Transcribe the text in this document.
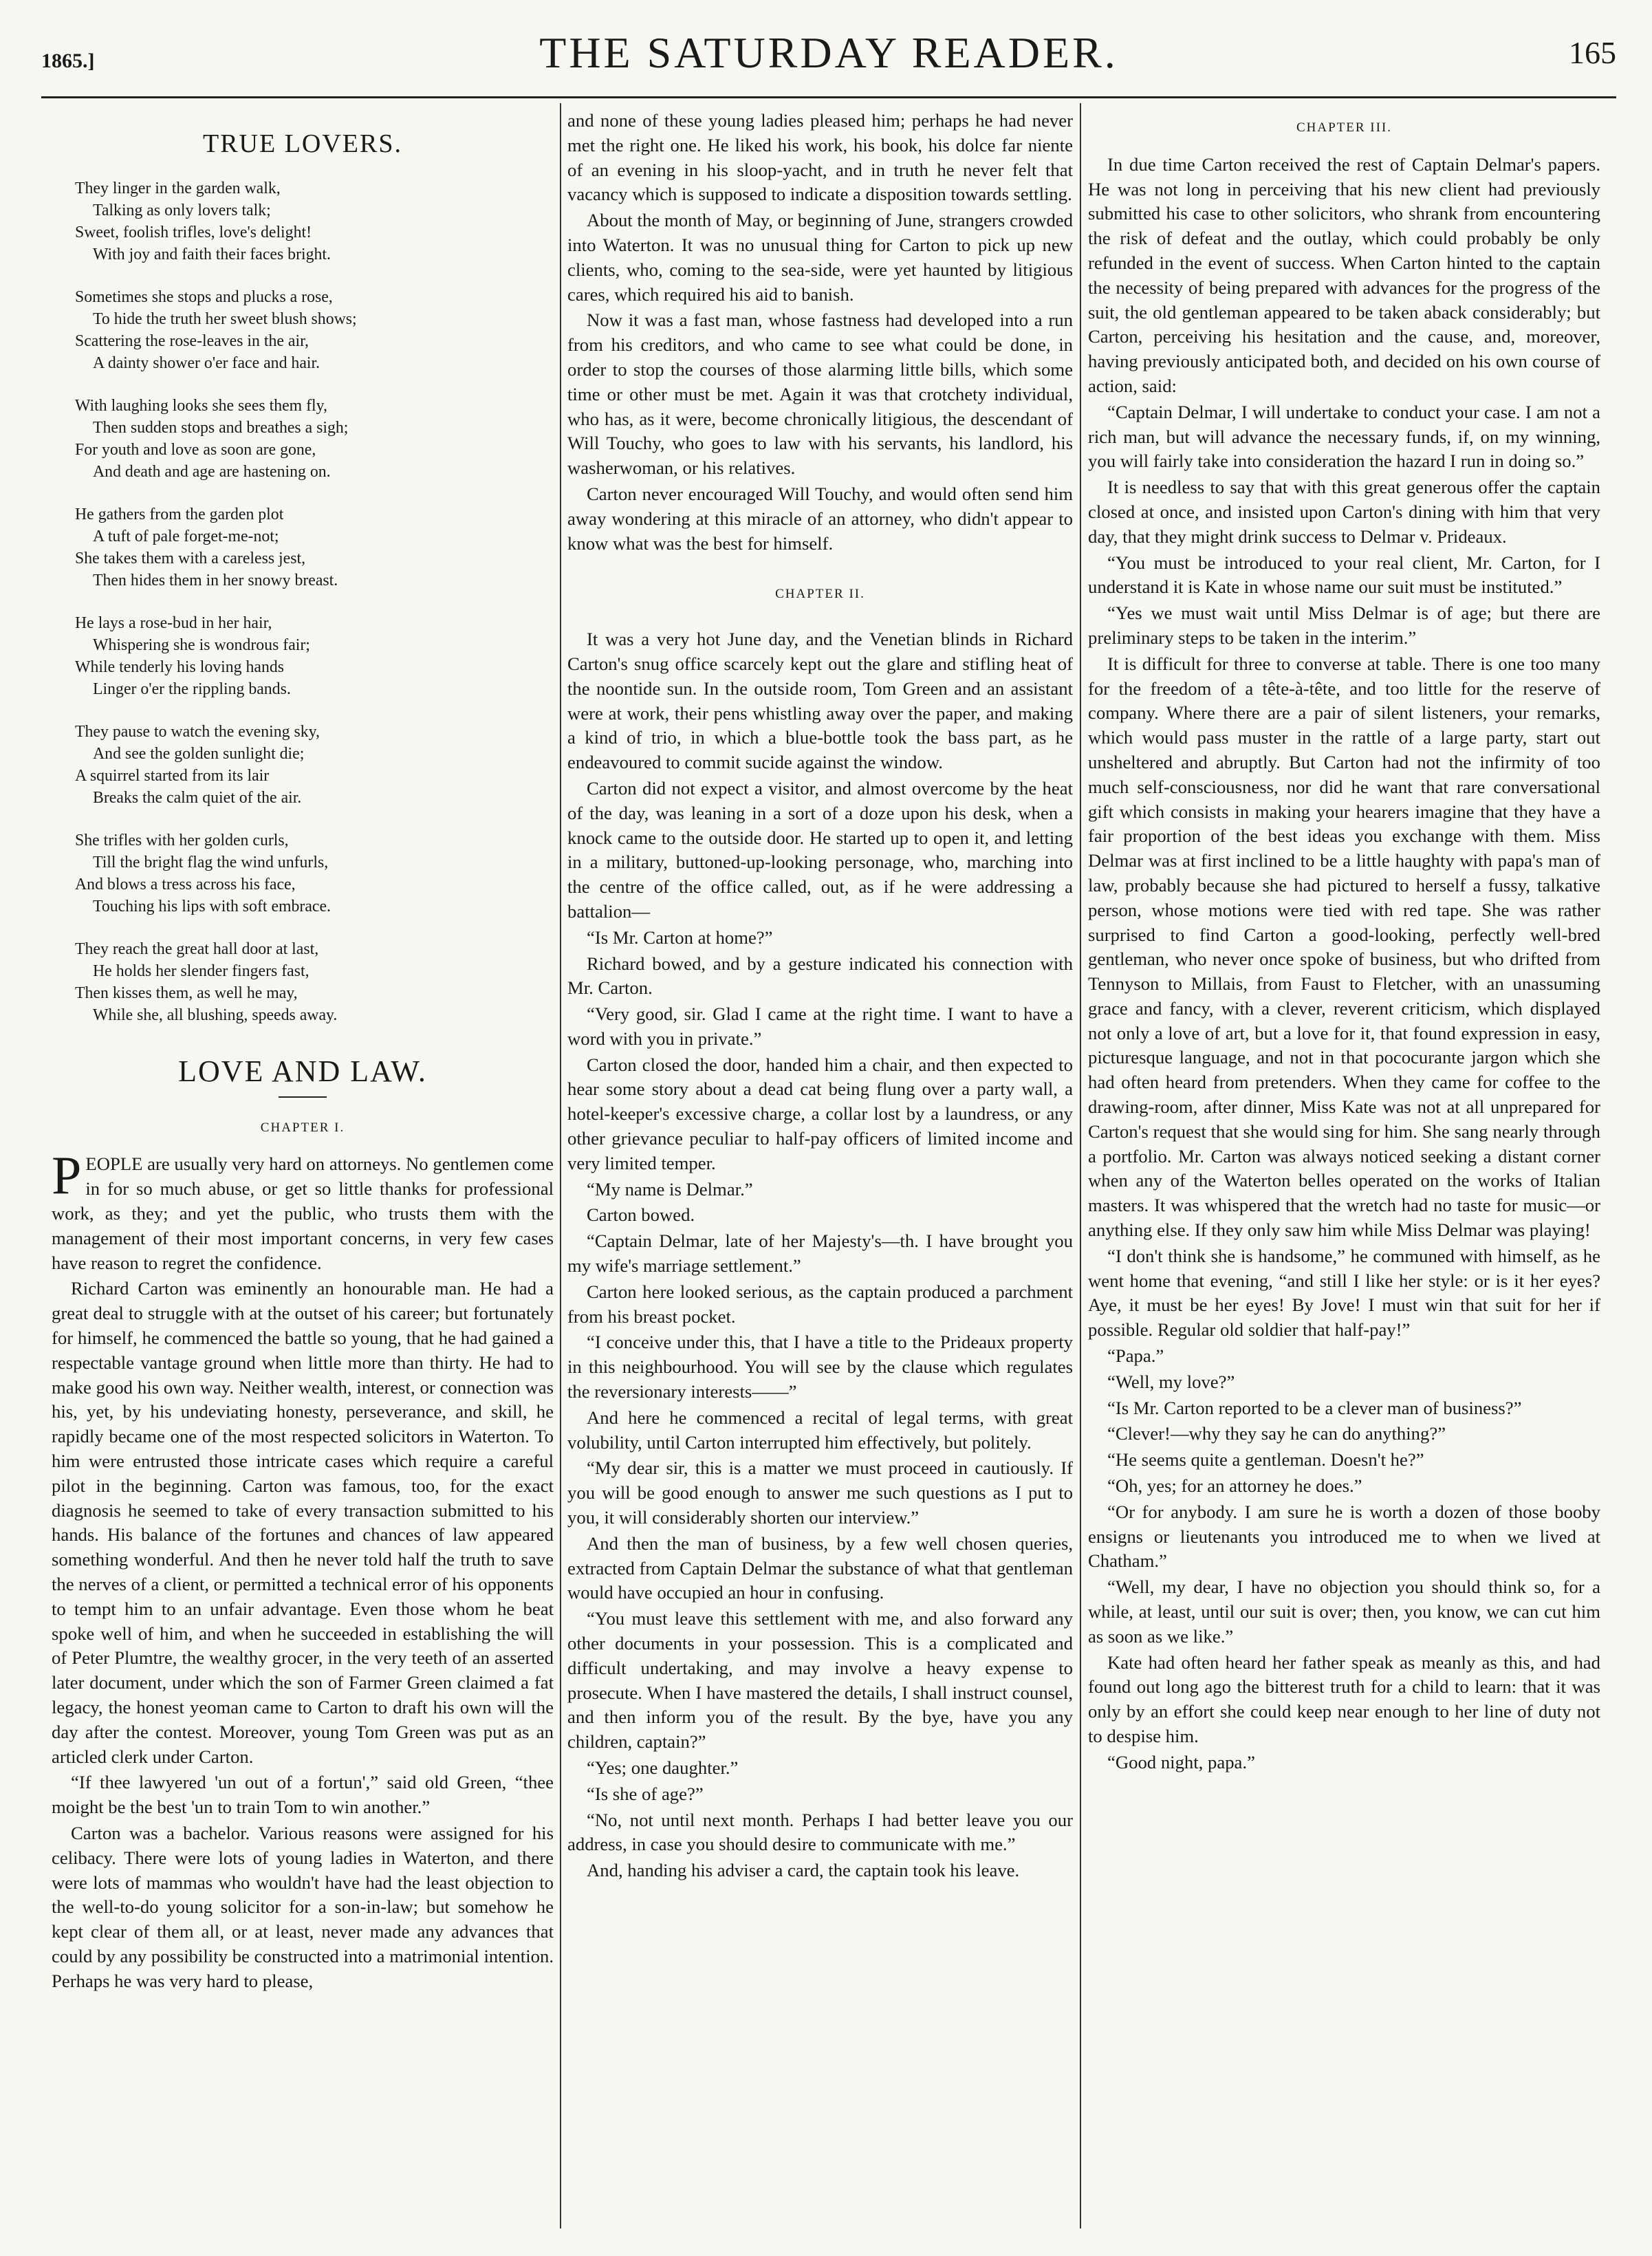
1865.]	THE SATURDAY READER.	165
TRUE LOVERS.
They linger in the garden walk,
Talking as only lovers talk;
Sweet, foolish trifles, love's delight!
With joy and faith their faces bright.
Sometimes she stops and plucks a rose,
To hide the truth her sweet blush shows;
Scattering the rose-leaves in the air,
A dainty shower o'er face and hair.
With laughing looks she sees them fly,
Then sudden stops and breathes a sigh;
For youth and love as soon are gone,
And death and age are hastening on.
He gathers from the garden plot
A tuft of pale forget-me-not;
She takes them with a careless jest,
Then hides them in her snowy breast.
He lays a rose-bud in her hair,
Whispering she is wondrous fair;
While tenderly his loving hands
Linger o'er the rippling bands.
They pause to watch the evening sky,
And see the golden sunlight die;
A squirrel started from its lair
Breaks the calm quiet of the air.
She trifles with her golden curls,
Till the bright flag the wind unfurls,
And blows a tress across his face,
Touching his lips with soft embrace.
They reach the great hall door at last,
He holds her slender fingers fast,
Then kisses them, as well he may,
While she, all blushing, speeds away.
LOVE AND LAW.
CHAPTER I.

PEOPLE are usually very hard on attorneys. No gentlemen come in for so much abuse, or get so little thanks for professional work, as they; and yet the public, who trusts them with the management of their most important concerns, in very few cases have reason to regret the confidence.

Richard Carton was eminently an honourable man. He had a great deal to struggle with at the outset of his career; but fortunately for himself, he commenced the battle so young, that he had gained a respectable vantage ground when little more than thirty. He had to make good his own way. Neither wealth, interest, or connection was his, yet, by his undeviating honesty, perseverance, and skill, he rapidly became one of the most respected solicitors in Waterton. To him were entrusted those intricate cases which require a careful pilot in the beginning. Carton was famous, too, for the exact diagnosis he seemed to take of every transaction submitted to his hands. His balance of the fortunes and chances of law appeared something wonderful. And then he never told half the truth to save the nerves of a client, or permitted a technical error of his opponents to tempt him to an unfair advantage. Even those whom he beat spoke well of him, and when he succeeded in establishing the will of Peter Plumtre, the wealthy grocer, in the very teeth of an asserted later document, under which the son of Farmer Green claimed a fat legacy, the honest yeoman came to Carton to draft his own will the day after the contest. Moreover, young Tom Green was put as an articled clerk under Carton.

“If thee lawyered 'un out of a fortun',” said old Green, “thee moight be the best 'un to train Tom to win another.”

Carton was a bachelor. Various reasons were assigned for his celibacy. There were lots of young ladies in Waterton, and there were lots of mammas who wouldn't have had the least objection to the well-to-do young solicitor for a son-in-law; but somehow he kept clear of them all, or at least, never made any advances that could by any possibility be constructed into a matrimonial intention. Perhaps he was very hard to please,

and none of these young ladies pleased him; perhaps he had never met the right one. He liked his work, his book, his dolce far niente of an evening in his sloop-yacht, and in truth he never felt that vacancy which is supposed to indicate a disposition towards settling.

About the month of May, or beginning of June, strangers crowded into Waterton. It was no unusual thing for Carton to pick up new clients, who, coming to the sea-side, were yet haunted by litigious cares, which required his aid to banish.

Now it was a fast man, whose fastness had developed into a run from his creditors, and who came to see what could be done, in order to stop the courses of those alarming little bills, which some time or other must be met. Again it was that crotchety individual, who has, as it were, become chronically litigious, the descendant of Will Touchy, who goes to law with his servants, his landlord, his washerwoman, or his relatives.

Carton never encouraged Will Touchy, and would often send him away wondering at this miracle of an attorney, who didn't appear to know what was the best for himself.

CHAPTER II.

It was a very hot June day, and the Venetian blinds in Richard Carton's snug office scarcely kept out the glare and stifling heat of the noontide sun. In the outside room, Tom Green and an assistant were at work, their pens whistling away over the paper, and making a kind of trio, in which a blue-bottle took the bass part, as he endeavoured to commit sucide against the window.

Carton did not expect a visitor, and almost overcome by the heat of the day, was leaning in a sort of a doze upon his desk, when a knock came to the outside door. He started up to open it, and letting in a military, buttoned-up-looking personage, who, marching into the centre of the office called, out, as if he were addressing a battalion—

“Is Mr. Carton at home?”

Richard bowed, and by a gesture indicated his connection with Mr. Carton.

“Very good, sir. Glad I came at the right time. I want to have a word with you in private.”

Carton closed the door, handed him a chair, and then expected to hear some story about a dead cat being flung over a party wall, a hotel-keeper's excessive charge, a collar lost by a laundress, or any other grievance peculiar to half-pay officers of limited income and very limited temper.

“My name is Delmar.”

Carton bowed.

“Captain Delmar, late of her Majesty's—th. I have brought you my wife's marriage settlement.”

Carton here looked serious, as the captain produced a parchment from his breast pocket.

“I conceive under this, that I have a title to the Prideaux property in this neighbourhood. You will see by the clause which regulates the reversionary interests——”

And here he commenced a recital of legal terms, with great volubility, until Carton interrupted him effectively, but politely.

“My dear sir, this is a matter we must proceed in cautiously. If you will be good enough to answer me such questions as I put to you, it will considerably shorten our interview.”

And then the man of business, by a few well chosen queries, extracted from Captain Delmar the substance of what that gentleman would have occupied an hour in confusing.

“You must leave this settlement with me, and also forward any other documents in your possession. This is a complicated and difficult undertaking, and may involve a heavy expense to prosecute. When I have mastered the details, I shall instruct counsel, and then inform you of the result. By the bye, have you any children, captain?”

“Yes; one daughter.”

“Is she of age?”

“No, not until next month. Perhaps I had better leave you our address, in case you should desire to communicate with me.”

And, handing his adviser a card, the captain took his leave.

CHAPTER III.

In due time Carton received the rest of Captain Delmar's papers. He was not long in perceiving that his new client had previously submitted his case to other solicitors, who shrank from encountering the risk of defeat and the outlay, which could probably be only refunded in the event of success. When Carton hinted to the captain the necessity of being prepared with advances for the progress of the suit, the old gentleman appeared to be taken aback considerably; but Carton, perceiving his hesitation and the cause, and, moreover, having previously anticipated both, and decided on his own course of action, said:

“Captain Delmar, I will undertake to conduct your case. I am not a rich man, but will advance the necessary funds, if, on my winning, you will fairly take into consideration the hazard I run in doing so.”

It is needless to say that with this great generous offer the captain closed at once, and insisted upon Carton's dining with him that very day, that they might drink success to Delmar v. Prideaux.

“You must be introduced to your real client, Mr. Carton, for I understand it is Kate in whose name our suit must be instituted.”

“Yes we must wait until Miss Delmar is of age; but there are preliminary steps to be taken in the interim.”

It is difficult for three to converse at table. There is one too many for the freedom of a tête-à-tête, and too little for the reserve of company. Where there are a pair of silent listeners, your remarks, which would pass muster in the rattle of a large party, start out unsheltered and abruptly. But Carton had not the infirmity of too much self-consciousness, nor did he want that rare conversational gift which consists in making your hearers imagine that they have a fair proportion of the best ideas you exchange with them. Miss Delmar was at first inclined to be a little haughty with papa's man of law, probably because she had pictured to herself a fussy, talkative person, whose motions were tied with red tape. She was rather surprised to find Carton a good-looking, perfectly well-bred gentleman, who never once spoke of business, but who drifted from Tennyson to Millais, from Faust to Fletcher, with an unassuming grace and fancy, with a clever, reverent criticism, which displayed not only a love of art, but a love for it, that found expression in easy, picturesque language, and not in that pococurante jargon which she had often heard from pretenders. When they came for coffee to the drawing-room, after dinner, Miss Kate was not at all unprepared for Carton's request that she would sing for him. She sang nearly through a portfolio. Mr. Carton was always noticed seeking a distant corner when any of the Waterton belles operated on the works of Italian masters. It was whispered that the wretch had no taste for music—or anything else. If they only saw him while Miss Delmar was playing!

“I don't think she is handsome,” he communed with himself, as he went home that evening, “and still I like her style: or is it her eyes? Aye, it must be her eyes! By Jove! I must win that suit for her if possible. Regular old soldier that half-pay!”

“Papa.”

“Well, my love?”

“Is Mr. Carton reported to be a clever man of business?”

“Clever!—why they say he can do anything?”

“He seems quite a gentleman. Doesn't he?”

“Oh, yes; for an attorney he does.”

“Or for anybody. I am sure he is worth a dozen of those booby ensigns or lieutenants you introduced me to when we lived at Chatham.”

“Well, my dear, I have no objection you should think so, for a while, at least, until our suit is over; then, you know, we can cut him as soon as we like.”

Kate had often heard her father speak as meanly as this, and had found out long ago the bitterest truth for a child to learn: that it was only by an effort she could keep near enough to her line of duty not to despise him.

“Good night, papa.”
